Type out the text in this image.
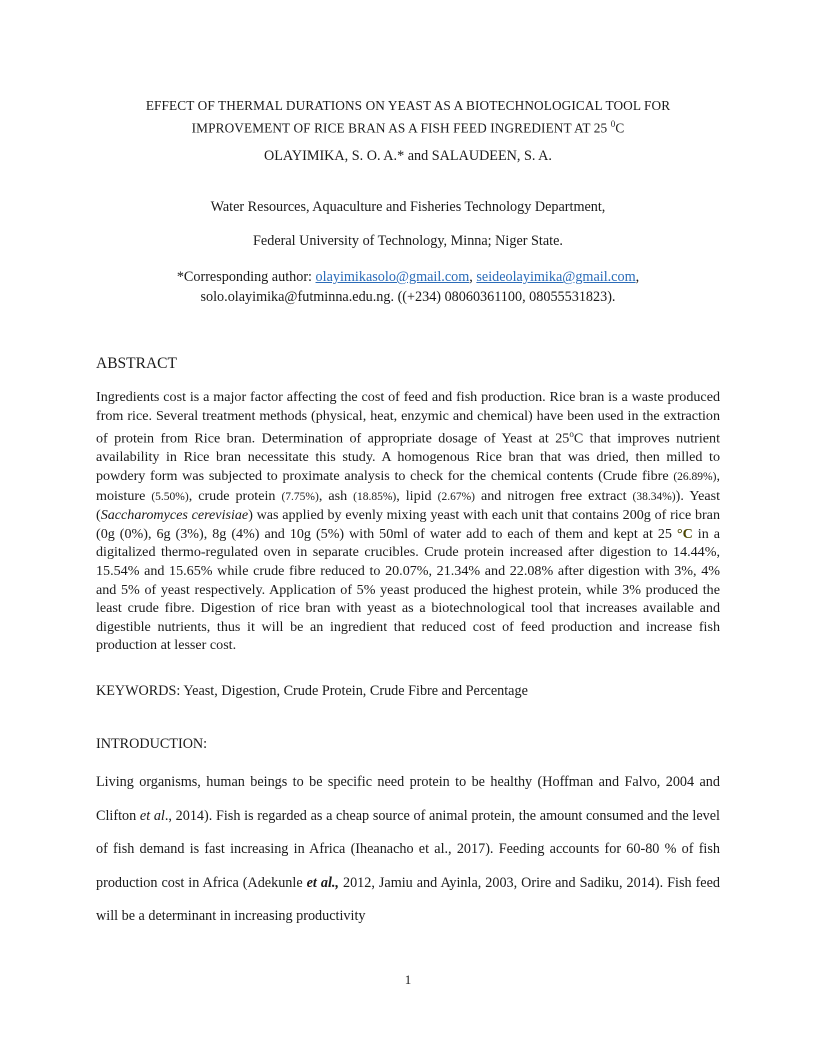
EFFECT OF THERMAL DURATIONS ON YEAST AS A BIOTECHNOLOGICAL TOOL FOR
IMPROVEMENT OF RICE BRAN AS A FISH FEED INGREDIENT AT 25 $^0$C
OLAYIMIKA, S. O. A.* and SALAUDEEN, S. A.
Water Resources, Aquaculture and Fisheries Technology Department,
Federal University of Technology, Minna; Niger State.
*Corresponding author: olayimikasolo@gmail.com, seideolayimika@gmail.com,
solo.olayimika@futminna.edu.ng. ((+234) 08060361100, 08055531823).
ABSTRACT
Ingredients cost is a major factor affecting the cost of feed and fish production. Rice bran is a waste produced from rice. Several treatment methods (physical, heat, enzymic and chemical) have been used in the extraction of protein from Rice bran. Determination of appropriate dosage of Yeast at 25$^o$C that improves nutrient availability in Rice bran necessitate this study. A homogenous Rice bran that was dried, then milled to powdery form was subjected to proximate analysis to check for the chemical contents (Crude fibre (26.89%), moisture (5.50%), crude protein (7.75%), ash (18.85%), lipid (2.67%) and nitrogen free extract (38.34%)). Yeast (Saccharomyces cerevisiae) was applied by evenly mixing yeast with each unit that contains 200g of rice bran (0g (0%), 6g (3%), 8g (4%) and 10g (5%) with 50ml of water add to each of them and kept at 25 °C in a digitalized thermo-regulated oven in separate crucibles. Crude protein increased after digestion to 14.44%, 15.54% and 15.65% while crude fibre reduced to 20.07%, 21.34% and 22.08% after digestion with 3%, 4% and 5% of yeast respectively. Application of 5% yeast produced the highest protein, while 3% produced the least crude fibre. Digestion of rice bran with yeast as a biotechnological tool that increases available and digestible nutrients, thus it will be an ingredient that reduced cost of feed production and increase fish production at lesser cost.
KEYWORDS: Yeast, Digestion, Crude Protein, Crude Fibre and Percentage
INTRODUCTION:
Living organisms, human beings to be specific need protein to be healthy (Hoffman and Falvo, 2004 and Clifton et al., 2014). Fish is regarded as a cheap source of animal protein, the amount consumed and the level of fish demand is fast increasing in Africa (Iheanacho et al., 2017). Feeding accounts for 60-80 % of fish production cost in Africa (Adekunle et al., 2012, Jamiu and Ayinla, 2003, Orire and Sadiku, 2014). Fish feed will be a determinant in increasing productivity
1
